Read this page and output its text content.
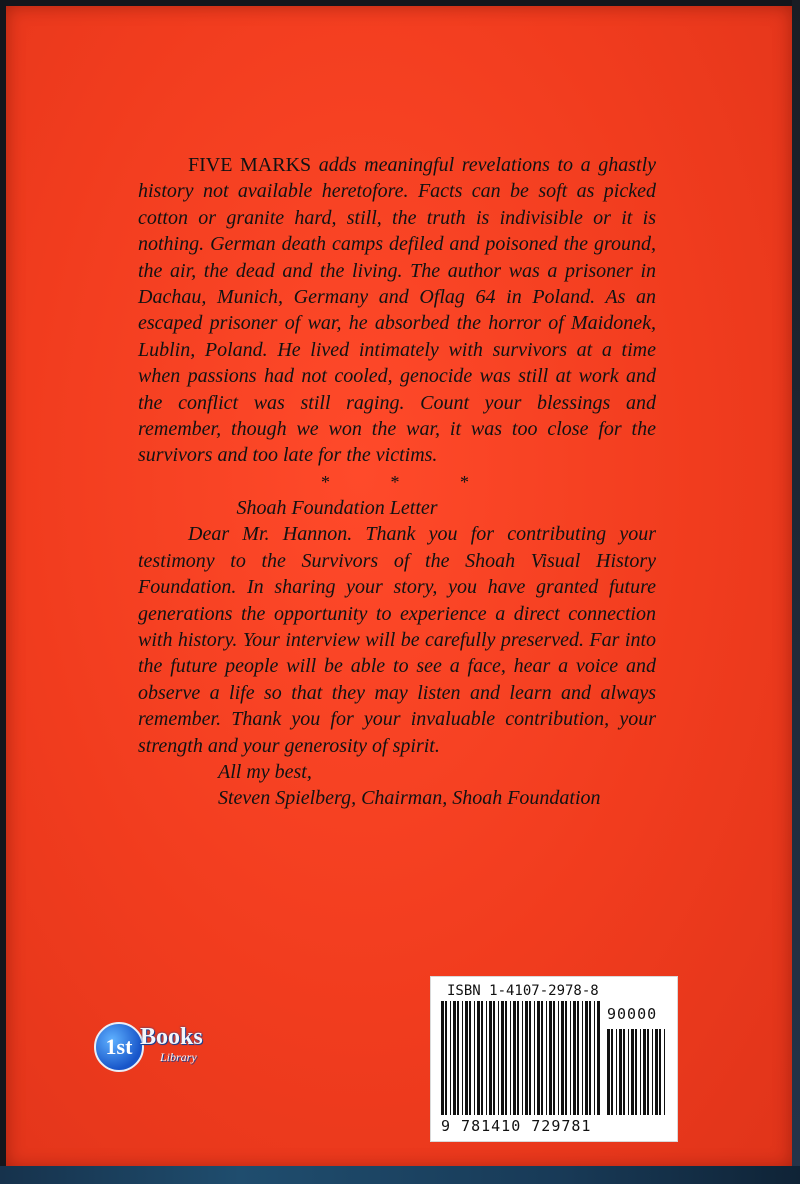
FIVE MARKS adds meaningful revelations to a ghastly history not available heretofore. Facts can be soft as picked cotton or granite hard, still, the truth is indivisible or it is nothing. German death camps defiled and poisoned the ground, the air, the dead and the living. The author was a prisoner in Dachau, Munich, Germany and Oflag 64 in Poland. As an escaped prisoner of war, he absorbed the horror of Maidonek, Lublin, Poland. He lived intimately with survivors at a time when passions had not cooled, genocide was still at work and the conflict was still raging. Count your blessings and remember, though we won the war, it was too close for the survivors and too late for the victims.

* * *

Shoah Foundation Letter

Dear Mr. Hannon. Thank you for contributing your testimony to the Survivors of the Shoah Visual History Foundation. In sharing your story, you have granted future generations the opportunity to experience a direct connection with history. Your interview will be carefully preserved. Far into the future people will be able to see a face, hear a voice and observe a life so that they may listen and learn and always remember. Thank you for your invaluable contribution, your strength and your generosity of spirit.

All my best,

Steven Spielberg, Chairman, Shoah Foundation

1st Books
Library
ISBN 1-4107-2978-8
90000
9 781410 729781
